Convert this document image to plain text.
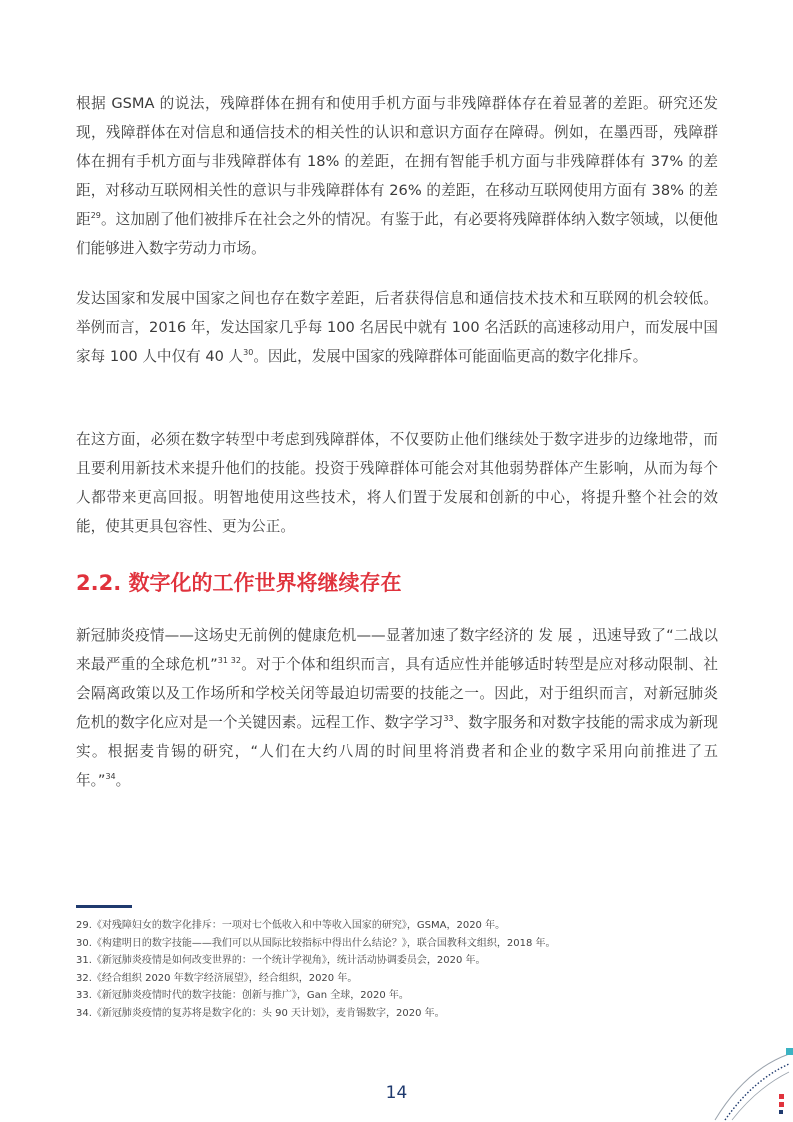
根据 GSMA 的说法，残障群体在拥有和使用手机方面与非残障群体存在着显著的差距。研究还发现，残障群体在对信息和通信技术的相关性的认识和意识方面存在障碍。例如，在墨西哥，残障群体在拥有手机方面与非残障群体有 18% 的差距，在拥有智能手机方面与非残障群体有 37% 的差距，对移动互联网相关性的意识与非残障群体有 26% 的差距，在移动互联网使用方面有 38% 的差距$^{29}$。这加剧了他们被排斥在社会之外的情况。有鉴于此，有必要将残障群体纳入数字领域，以便他们能够进入数字劳动力市场。

发达国家和发展中国家之间也存在数字差距，后者获得信息和通信技术技术和互联网的机会较低。举例而言，2016 年，发达国家几乎每 100 名居民中就有 100 名活跃的高速移动用户，而发展中国家每 100 人中仅有 40 人$^{30}$。因此，发展中国家的残障群体可能面临更高的数字化排斥。

在这方面，必须在数字转型中考虑到残障群体，不仅要防止他们继续处于数字进步的边缘地带，而且要利用新技术来提升他们的技能。投资于残障群体可能会对其他弱势群体产生影响，从而为每个人都带来更高回报。明智地使用这些技术，将人们置于发展和创新的中心，将提升整个社会的效能，使其更具包容性、更为公正。

2.2. 数字化的工作世界将继续存在

新冠肺炎疫情——这场史无前例的健康危机——显著加速了数字经济的 发 展 ，迅速导致了“二战以来最严重的全球危机”$^{31 32}$。对于个体和组织而言，具有适应性并能够适时转型是应对移动限制、社会隔离政策以及工作场所和学校关闭等最迫切需要的技能之一。因此，对于组织而言，对新冠肺炎危机的数字化应对是一个关键因素。远程工作、数字学习$^{33}$、数字服务和对数字技能的需求成为新现实。根据麦肯锡的研究，“人们在大约八周的时间里将消费者和企业的数字采用向前推进了五年。”$^{34}$。

29.《对残障妇女的数字化排斥：一项对七个低收入和中等收入国家的研究》，GSMA，2020 年。
30.《构建明日的数字技能——我们可以从国际比较指标中得出什么结论？》，联合国教科文组织，2018 年。
31.《新冠肺炎疫情是如何改变世界的：一个统计学视角》，统计活动协调委员会，2020 年。
32.《经合组织 2020 年数字经济展望》，经合组织，2020 年。
33.《新冠肺炎疫情时代的数字技能：创新与推广》，Gan 全球，2020 年。
34.《新冠肺炎疫情的复苏将是数字化的：头 90 天计划》，麦肯锡数字，2020 年。
14
